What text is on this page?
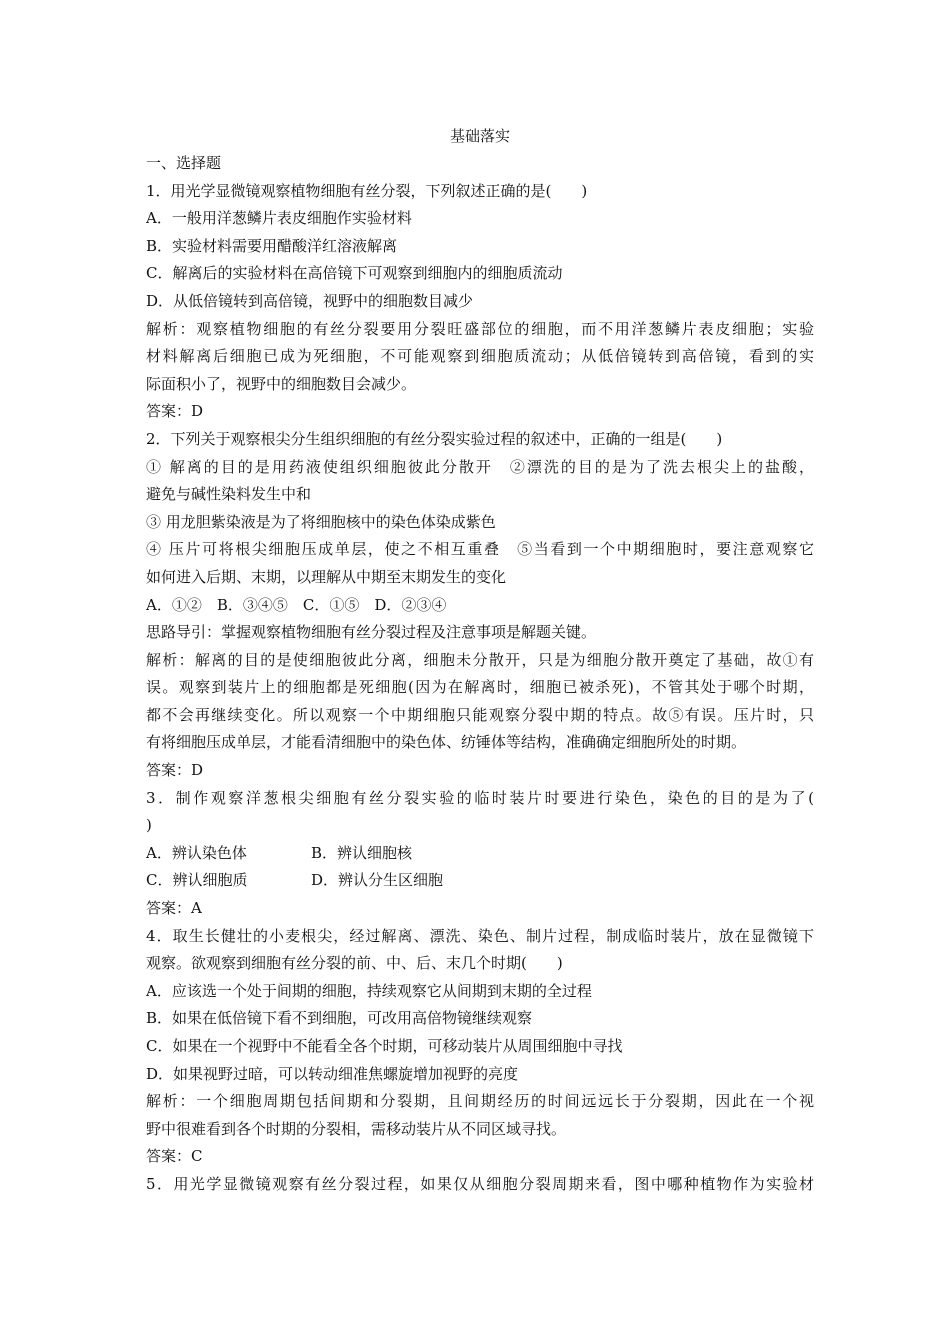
基础落实

一、选择题

1．用光学显微镜观察植物细胞有丝分裂，下列叙述正确的是(　　)

A．一般用洋葱鳞片表皮细胞作实验材料

B．实验材料需要用醋酸洋红溶液解离

C．解离后的实验材料在高倍镜下可观察到细胞内的细胞质流动

D．从低倍镜转到高倍镜，视野中的细胞数目减少

解析：观察植物细胞的有丝分裂要用分裂旺盛部位的细胞，而不用洋葱鳞片表皮细胞；实验

材料解离后细胞已成为死细胞，不可能观察到细胞质流动；从低倍镜转到高倍镜，看到的实

际面积小了，视野中的细胞数目会减少。

答案：D

2．下列关于观察根尖分生组织细胞的有丝分裂实验过程的叙述中，正确的一组是(　　)

① 解离的目的是用药液使组织细胞彼此分散开　②漂洗的目的是为了洗去根尖上的盐酸，

避免与碱性染料发生中和

③ 用龙胆紫染液是为了将细胞核中的染色体染成紫色

④ 压片可将根尖细胞压成单层，使之不相互重叠　⑤当看到一个中期细胞时，要注意观察它

如何进入后期、末期，以理解从中期至末期发生的变化

A．①②　B．③④⑤　C．①⑤　D．②③④

思路导引：掌握观察植物细胞有丝分裂过程及注意事项是解题关键。

解析：解离的目的是使细胞彼此分离，细胞未分散开，只是为细胞分散开奠定了基础，故①有

误。观察到装片上的细胞都是死细胞(因为在解离时，细胞已被杀死)，不管其处于哪个时期，

都不会再继续变化。所以观察一个中期细胞只能观察分裂中期的特点。故⑤有误。压片时，只

有将细胞压成单层，才能看清细胞中的染色体、纺锤体等结构，准确确定细胞所处的时期。

答案：D

3．制作观察洋葱根尖细胞有丝分裂实验的临时装片时要进行染色，染色的目的是为了(

)

A．辨认染色体	B．辨认细胞核

C．辨认细胞质	D．辨认分生区细胞

答案：A

4．取生长健壮的小麦根尖，经过解离、漂洗、染色、制片过程，制成临时装片，放在显微镜下

观察。欲观察到细胞有丝分裂的前、中、后、末几个时期(　　)

A．应该选一个处于间期的细胞，持续观察它从间期到末期的全过程

B．如果在低倍镜下看不到细胞，可改用高倍物镜继续观察

C．如果在一个视野中不能看全各个时期，可移动装片从周围细胞中寻找

D．如果视野过暗，可以转动细准焦螺旋增加视野的亮度

解析：一个细胞周期包括间期和分裂期，且间期经历的时间远远长于分裂期，因此在一个视

野中很难看到各个时期的分裂相，需移动装片从不同区域寻找。

答案：C

5．用光学显微镜观察有丝分裂过程，如果仅从细胞分裂周期来看，图中哪种植物作为实验材
